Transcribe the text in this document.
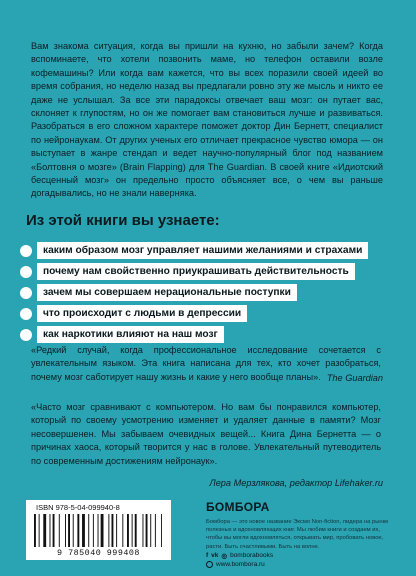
Вам знакома ситуация, когда вы пришли на кухню, но забыли зачем? Когда вспоминаете, что хотели позвонить маме, но телефон оставили возле кофемашины? Или когда вам кажется, что вы всех поразили своей идеей во время собрания, но неделю назад вы предлагали ровно эту же мысль и никто ее даже не услышал. За все эти парадоксы отвечает ваш мозг: он путает вас, склоняет к глупостям, но он же помогает вам становиться лучше и развиваться. Разобраться в его сложном характере поможет доктор Дин Бернетт, специалист по нейронаукам. От других ученых его отличает прекрасное чувство юмора — он выступает в жанре стендап и ведет научно-популярный блог под названием «Болтовня о мозге» (Brain Flapping) для The Guardian. В своей книге «Идиотский бесценный мозг» он предельно просто объясняет все, о чем вы раньше догадывались, но не знали наверняка.

Из этой книги вы узнаете:
каким образом мозг управляет нашими желаниями и страхами
почему нам свойственно приукрашивать действительность
зачем мы совершаем нерациональные поступки
что происходит с людьми в депрессии
как наркотики влияют на наш мозг

«Редкий случай, когда профессиональное исследование сочетается с увлекательным языком. Эта книга написана для тех, кто хочет разобраться, почему мозг саботирует нашу жизнь и какие у него вообще планы». The Guardian

«Часто мозг сравнивают с компьютером. Но вам бы понравился компьютер, который по своему усмотрению изменяет и удаляет данные в памяти? Мозг несовершенен. Мы забываем очевидных вещей... Книга Дина Бернетта — о причинах хаоса, который творится у нас в голове. Увлекательный путеводитель по современным достижениям нейронаук».

Лера Мерзлякова, редактор Lifehaker.ru

ISBN 978-5-04-099940-8
9 785040 999408

БОМБОРА

Бомбора — это новое название Эксмо Non-fiction, лидера на рынке полезных и вдохновляющих книг. Мы любим книги и создаем их, чтобы вы могли вдохновляться, открывать мир, пробовать новое, расти. Быть счастливыми. Быть на волне.

f vk ◎ bomborabooks
www.bombora.ru
